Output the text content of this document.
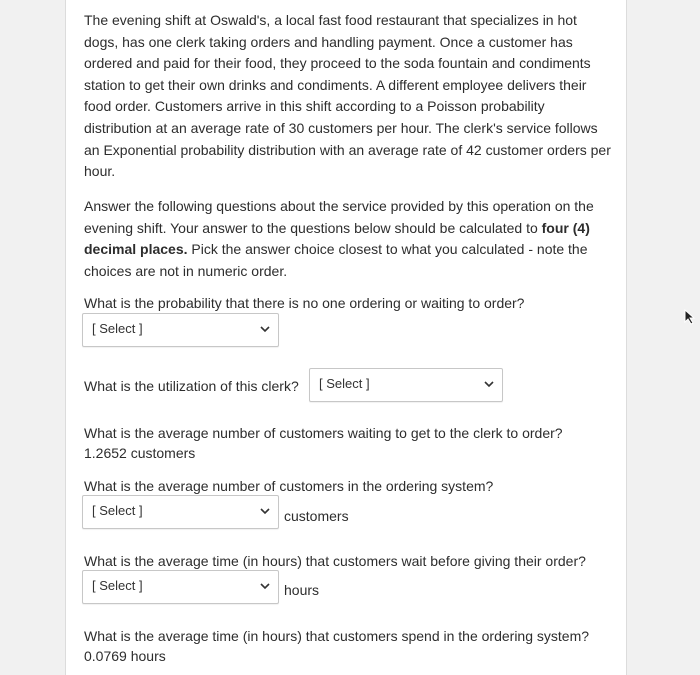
The evening shift at Oswald's, a local fast food restaurant that specializes in hot dogs, has one clerk taking orders and handling payment. Once a customer has ordered and paid for their food, they proceed to the soda fountain and condiments station to get their own drinks and condiments. A different employee delivers their food order. Customers arrive in this shift according to a Poisson probability distribution at an average rate of 30 customers per hour. The clerk's service follows an Exponential probability distribution with an average rate of 42 customer orders per hour.

Answer the following questions about the service provided by this operation on the evening shift. Your answer to the questions below should be calculated to four (4) decimal places. Pick the answer choice closest to what you calculated - note the choices are not in numeric order.

What is the probability that there is no one ordering or waiting to order?

[ Select ]

What is the utilization of this clerk? [ Select ]

What is the average number of customers waiting to get to the clerk to order?

1.2652 customers

What is the average number of customers in the ordering system?

[ Select ]	customers

What is the average time (in hours) that customers wait before giving their order?

[ Select ]	hours

What is the average time (in hours) that customers spend in the ordering system?

0.0769 hours
